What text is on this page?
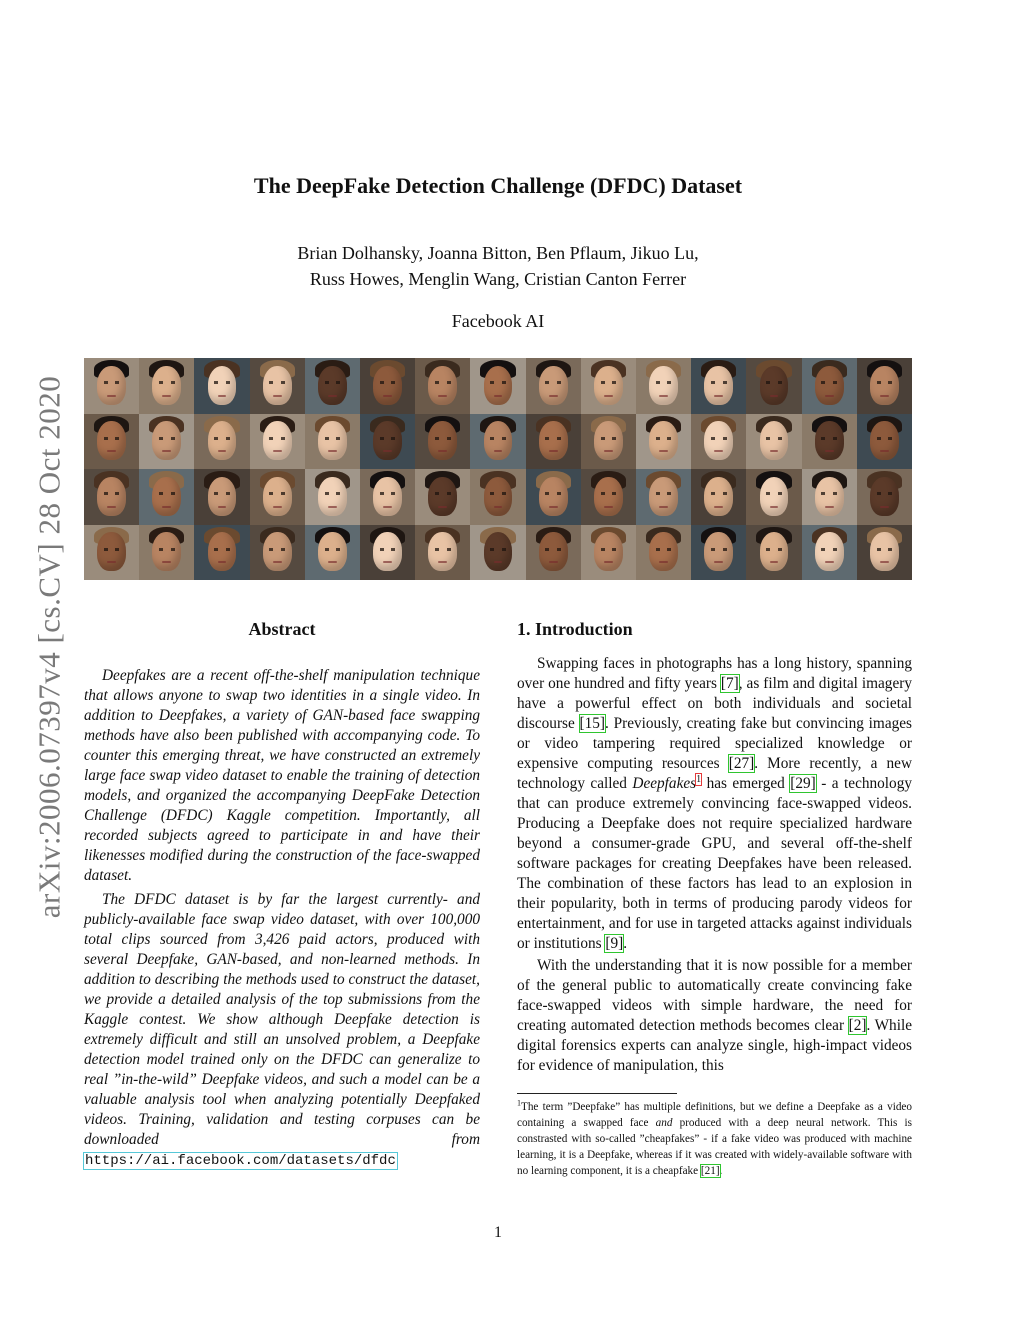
arXiv:2006.07397v4 [cs.CV] 28 Oct 2020
The DeepFake Detection Challenge (DFDC) Dataset
Brian Dolhansky, Joanna Bitton, Ben Pflaum, Jikuo Lu,
Russ Howes, Menglin Wang, Cristian Canton Ferrer
Facebook AI
Abstract

Deepfakes are a recent off-the-shelf manipulation technique that allows anyone to swap two identities in a single video. In addition to Deepfakes, a variety of GAN-based face swapping methods have also been published with accompanying code. To counter this emerging threat, we have constructed an extremely large face swap video dataset to enable the training of detection models, and organized the accompanying DeepFake Detection Challenge (DFDC) Kaggle competition. Importantly, all recorded subjects agreed to participate in and have their likenesses modified during the construction of the face-swapped dataset.

The DFDC dataset is by far the largest currently- and publicly-available face swap video dataset, with over 100,000 total clips sourced from 3,426 paid actors, produced with several Deepfake, GAN-based, and non-learned methods. In addition to describing the methods used to construct the dataset, we provide a detailed analysis of the top submissions from the Kaggle contest. We show although Deepfake detection is extremely difficult and still an unsolved problem, a Deepfake detection model trained only on the DFDC can generalize to real ”in-the-wild” Deepfake videos, and such a model can be a valuable analysis tool when analyzing potentially Deepfaked videos. Training, validation and testing corpuses can be downloaded from https://ai.facebook.com/datasets/dfdc

1. Introduction

Swapping faces in photographs has a long history, spanning over one hundred and fifty years [7], as film and digital imagery have a powerful effect on both individuals and societal discourse [15]. Previously, creating fake but convincing images or video tampering required specialized knowledge or expensive computing resources [27]. More recently, a new technology called Deepfakes$^1$ has emerged [29] - a technology that can produce extremely convincing face-swapped videos. Producing a Deepfake does not require specialized hardware beyond a consumer-grade GPU, and several off-the-shelf software packages for creating Deepfakes have been released. The combination of these factors has lead to an explosion in their popularity, both in terms of producing parody videos for entertainment, and for use in targeted attacks against individuals or institutions [9].

With the understanding that it is now possible for a member of the general public to automatically create convincing fake face-swapped videos with simple hardware, the need for creating automated detection methods becomes clear [2]. While digital forensics experts can analyze single, high-impact videos for evidence of manipulation, this

$^1$The term ”Deepfake” has multiple definitions, but we define a Deepfake as a video containing a swapped face and produced with a deep neural network. This is constrasted with so-called ”cheapfakes” - if a fake video was produced with machine learning, it is a Deepfake, whereas if it was created with widely-available software with no learning component, it is a cheapfake [21].
1
